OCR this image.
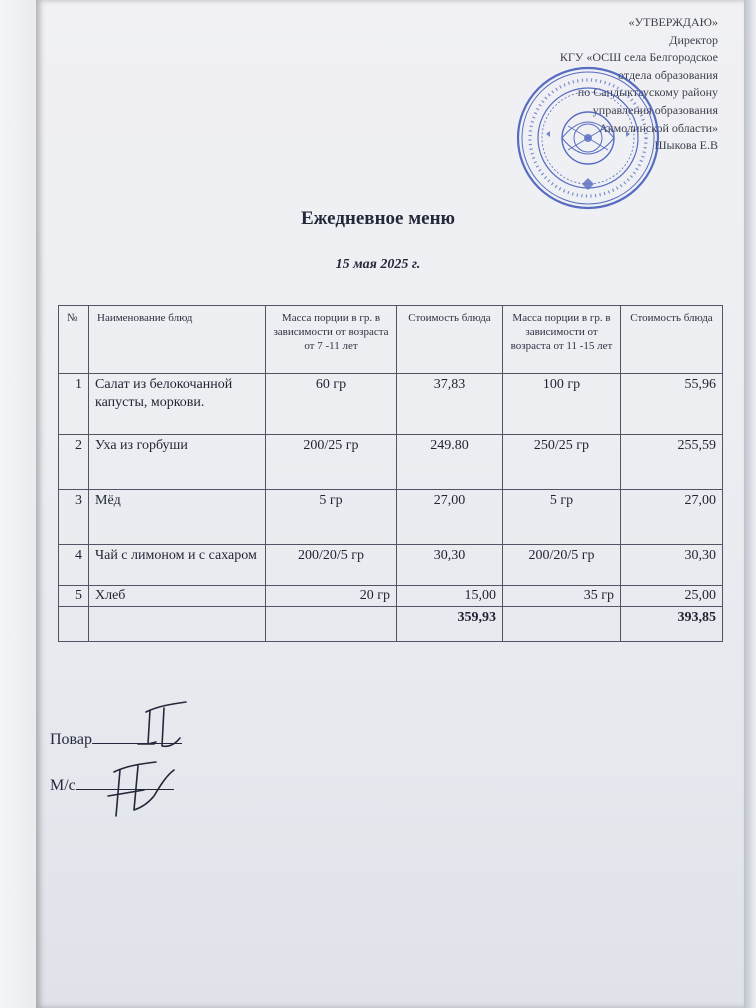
«УТВЕРЖДАЮ»
Директор
КГУ «ОСШ села Белгородское
отдела образования
по Сандыктаускому району
управления образования
Акмолинской области»
Шыкова Е.В
Ежедневное меню
15 мая 2025 г.
№	Наименование блюд	Масса порции в гр. в зависимости от возраста от 7 -11 лет	Стоимость блюда	Масса порции в гр. в зависимости от возраста от 11 -15 лет	Стоимость блюда
1	Салат из белокочанной капусты, моркови.	60 гр	37,83	100 гр	55,96
2	Уха из горбуши	200/25 гр	249.80	250/25 гр	255,59
3	Мёд	5 гр	27,00	5 гр	27,00
4	Чай с лимоном и с сахаром	200/20/5 гр	30,30	200/20/5 гр	30,30
5	Хлеб	20 гр	15,00	35 гр	25,00
			359,93		393,85
Повар
М/с
